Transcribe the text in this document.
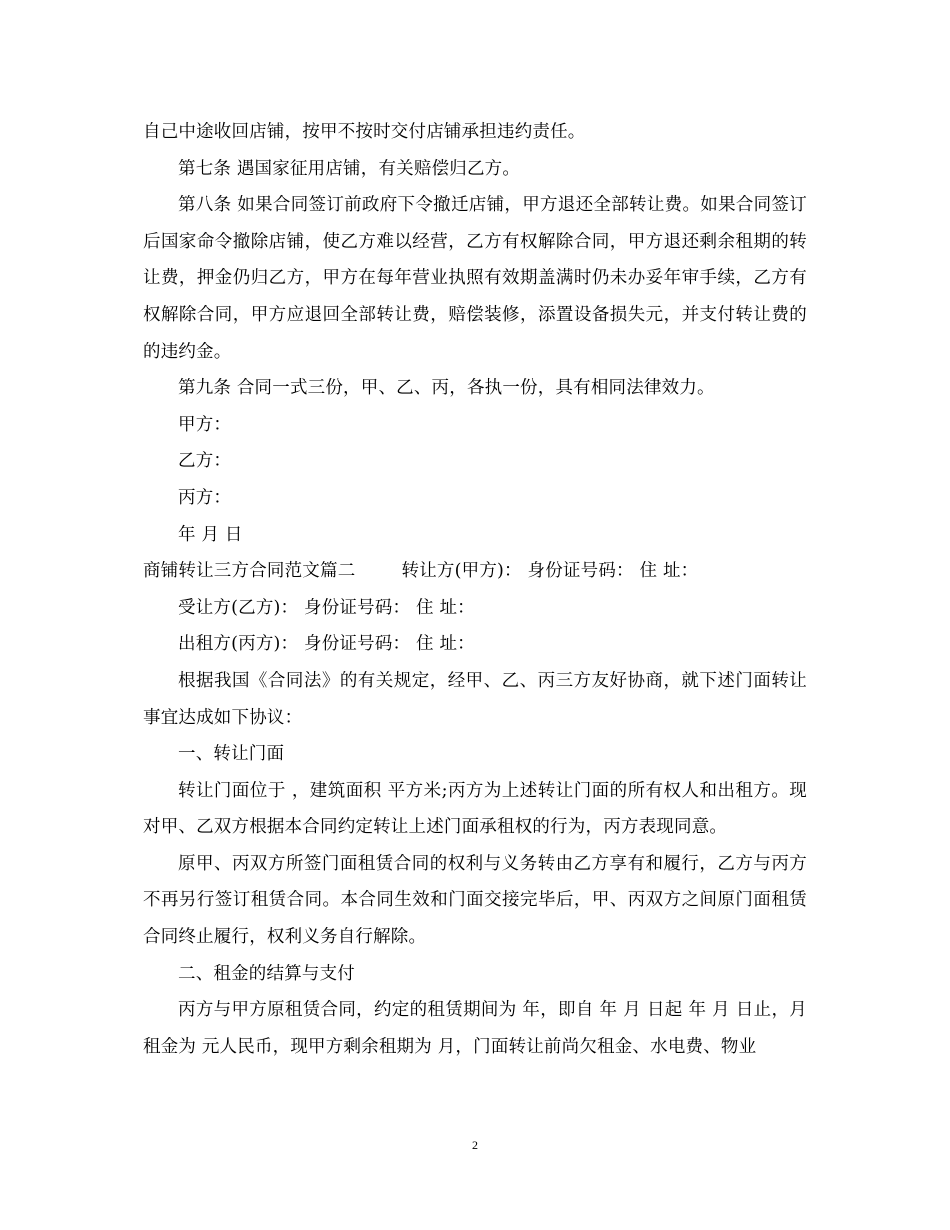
自己中途收回店铺，按甲不按时交付店铺承担违约责任。

第七条 遇国家征用店铺，有关赔偿归乙方。

第八条 如果合同签订前政府下令撤迁店铺，甲方退还全部转让费。如果合同签订后国家命令撤除店铺，使乙方难以经营，乙方有权解除合同，甲方退还剩余租期的转让费，押金仍归乙方，甲方在每年营业执照有效期盖满时仍未办妥年审手续，乙方有权解除合同，甲方应退回全部转让费，赔偿装修，添置设备损失元，并支付转让费的 的违约金。

第九条 合同一式三份，甲、乙、丙，各执一份，具有相同法律效力。

甲方：

乙方：

丙方：

年 月 日

商铺转让三方合同范文篇二        转让方(甲方)： 身份证号码： 住 址：

受让方(乙方)： 身份证号码： 住 址：

出租方(丙方)： 身份证号码： 住 址：

根据我国《合同法》的有关规定，经甲、乙、丙三方友好协商，就下述门面转让事宜达成如下协议：

一、转让门面

转让门面位于 ，建筑面积 平方米;丙方为上述转让门面的所有权人和出租方。现对甲、乙双方根据本合同约定转让上述门面承租权的行为，丙方表现同意。

原甲、丙双方所签门面租赁合同的权利与义务转由乙方享有和履行，乙方与丙方不再另行签订租赁合同。本合同生效和门面交接完毕后，甲、丙双方之间原门面租赁合同终止履行，权利义务自行解除。

二、租金的结算与支付

丙方与甲方原租赁合同，约定的租赁期间为 年，即自 年 月 日起 年 月 日止，月租金为 元人民币，现甲方剩余租期为 月，门面转让前尚欠租金、水电费、物业

2
